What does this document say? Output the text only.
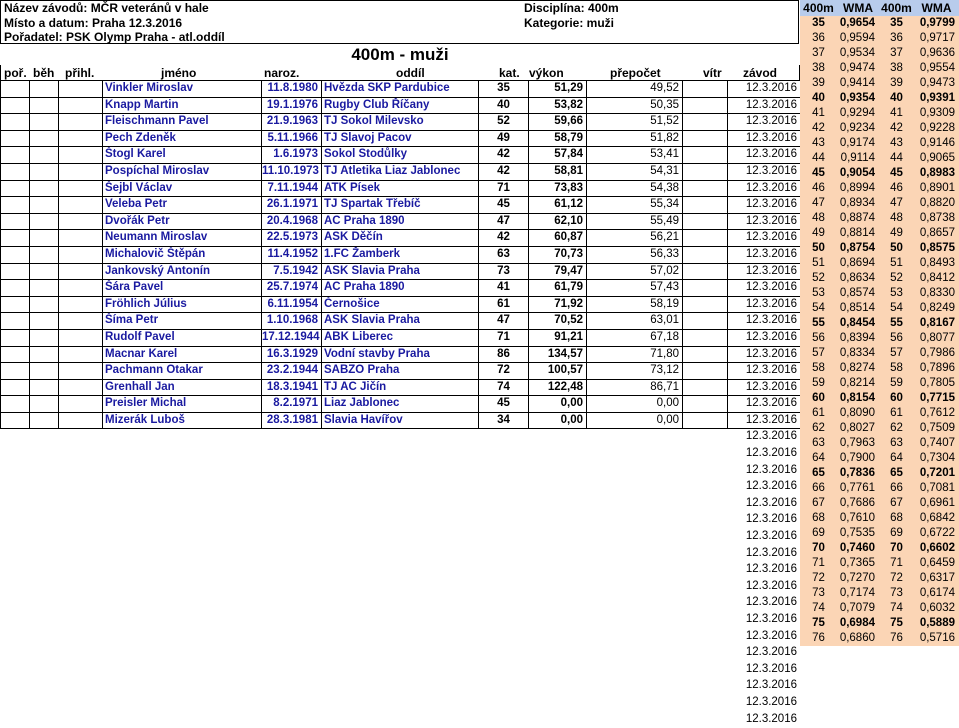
Název závodů: MČR veteránů v hale
Místo a datum: Praha 12.3.2016
Pořadatel: PSK Olymp Praha - atl.oddíl
Disciplína: 400m
Kategorie: muži
400m - muži
poř. běh přihl.	jméno	naroz.	oddíl	kat. výkon	přepočet	vítr závod
Vinkler Miroslav	11.8.1980 Hvězda SKP Pardubice	35	51,29	49,52	12.3.2016
Knapp Martin	19.1.1976 Rugby Club Říčany	40	53,82	50,35	12.3.2016
Fleischmann Pavel	21.9.1963 TJ Sokol Milevsko	52	59,66	51,52	12.3.2016
Pech Zdeněk	5.11.1966 TJ Slavoj Pacov	49	58,79	51,82	12.3.2016
Štogl Karel	1.6.1973 Sokol Stodůlky	42	57,84	53,41	12.3.2016
Pospíchal Miroslav	11.10.1973 TJ Atletika Liaz Jablonec	42	58,81	54,31	12.3.2016
Šejbl Václav	7.11.1944 ATK Písek	71	73,83	54,38	12.3.2016
Veleba Petr	26.1.1971 TJ Spartak Třebíč	45	61,12	55,34	12.3.2016
Dvořák Petr	20.4.1968 AC Praha 1890	47	62,10	55,49	12.3.2016
Neumann Miroslav	22.5.1973 ASK Děčín	42	60,87	56,21	12.3.2016
Michalovič Štěpán	11.4.1952 1.FC Žamberk	63	70,73	56,33	12.3.2016
Jankovský Antonín	7.5.1942 ASK Slavia Praha	73	79,47	57,02	12.3.2016
Šára Pavel	25.7.1974 AC Praha 1890	41	61,79	57,43	12.3.2016
Fröhlich Július	6.11.1954 Černošice	61	71,92	58,19	12.3.2016
Šíma Petr	1.10.1968 ASK Slavia Praha	47	70,52	63,01	12.3.2016
Rudolf Pavel	17.12.1944 ABK Liberec	71	91,21	67,18	12.3.2016
Macnar Karel	16.3.1929 Vodní stavby Praha	86	134,57	71,80	12.3.2016
Pachmann Otakar	23.2.1944 SABZO Praha	72	100,57	73,12	12.3.2016
Grenhall Jan	18.3.1941 TJ AC Jičín	74	122,48	86,71	12.3.2016
Preisler Michal	8.2.1971 Liaz Jablonec	45	0,00	0,00	12.3.2016
Mizerák Luboš	28.3.1981 Slavia Havířov	34	0,00	0,00	12.3.2016
12.3.2016
12.3.2016
12.3.2016
12.3.2016
12.3.2016
12.3.2016
12.3.2016
12.3.2016
12.3.2016
12.3.2016
12.3.2016
12.3.2016
12.3.2016
12.3.2016
12.3.2016
12.3.2016
12.3.2016
12.3.2016
400m WMA 400m WMA
35	0,9654	35	0,9799
36	0,9594	36	0,9717
37	0,9534	37	0,9636
38	0,9474	38	0,9554
39	0,9414	39	0,9473
40	0,9354	40	0,9391
41	0,9294	41	0,9309
42	0,9234	42	0,9228
43	0,9174	43	0,9146
44	0,9114	44	0,9065
45	0,9054	45	0,8983
46	0,8994	46	0,8901
47	0,8934	47	0,8820
48	0,8874	48	0,8738
49	0,8814	49	0,8657
50	0,8754	50	0,8575
51	0,8694	51	0,8493
52	0,8634	52	0,8412
53	0,8574	53	0,8330
54	0,8514	54	0,8249
55	0,8454	55	0,8167
56	0,8394	56	0,8077
57	0,8334	57	0,7986
58	0,8274	58	0,7896
59	0,8214	59	0,7805
60	0,8154	60	0,7715
61	0,8090	61	0,7612
62	0,8027	62	0,7509
63	0,7963	63	0,7407
64	0,7900	64	0,7304
65	0,7836	65	0,7201
66	0,7761	66	0,7081
67	0,7686	67	0,6961
68	0,7610	68	0,6842
69	0,7535	69	0,6722
70	0,7460	70	0,6602
71	0,7365	71	0,6459
72	0,7270	72	0,6317
73	0,7174	73	0,6174
74	0,7079	74	0,6032
75	0,6984	75	0,5889
76	0,6860	76	0,5716
